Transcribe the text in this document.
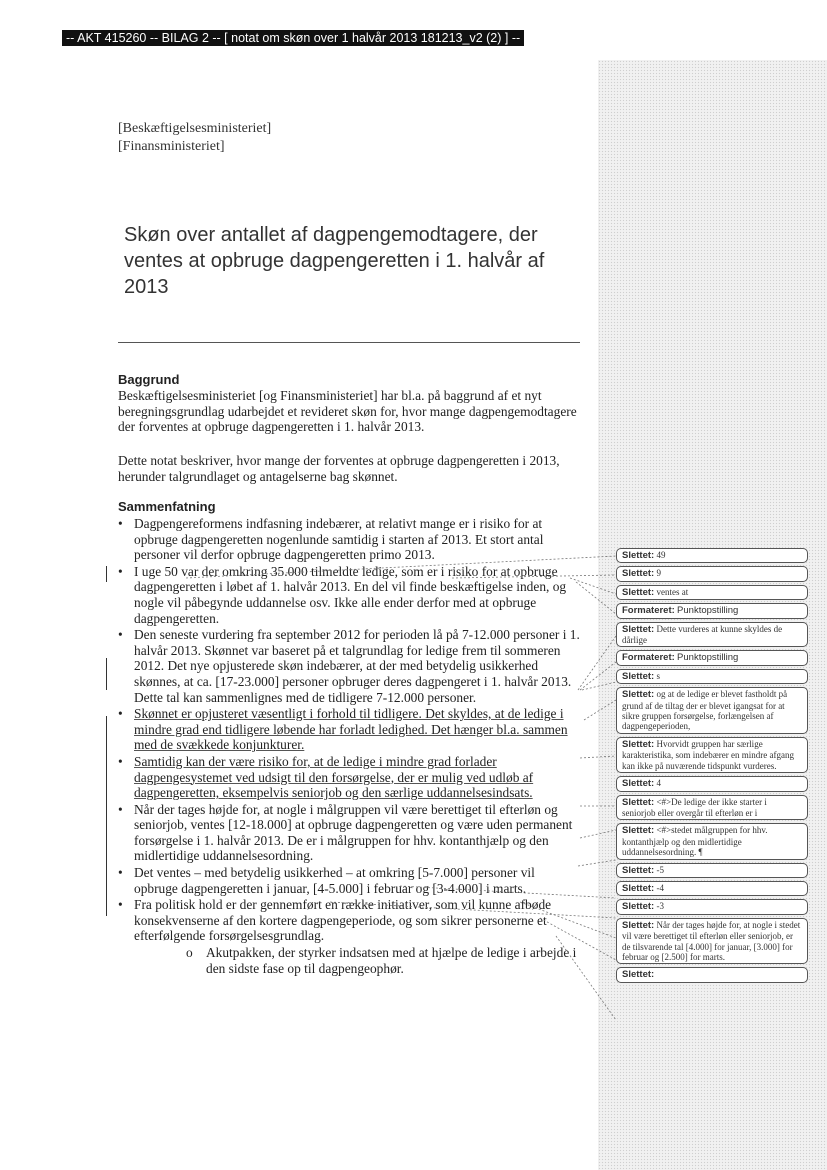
-- AKT 415260 -- BILAG 2 -- [ notat om skøn over 1 halvår 2013 181213_v2 (2) ] --
[Beskæftigelsesministeriet]
[Finansministeriet]
Skøn over antallet af dagpengemodtagere, der ventes at opbruge dagpengeretten i 1. halvår af 2013
Baggrund

Beskæftigelsesministeriet [og Finansministeriet] har bl.a. på baggrund af et nyt beregningsgrundlag udarbejdet et revideret skøn for, hvor mange dagpengemodtagere der forventes at opbruge dagpengeretten i 1. halvår 2013.

Dette notat beskriver, hvor mange der forventes at opbruge dagpengeretten i 2013, herunder talgrundlaget og antagelserne bag skønnet.

Sammenfatning
• Dagpengereformens indfasning indebærer, at relativt mange er i risiko for at opbruge dagpengeretten nogenlunde samtidig i starten af 2013. Et stort antal personer vil derfor opbruge dagpengeretten primo 2013.
• I uge 50 var der omkring 35.000 tilmeldte ledige, som er i risiko for at opbruge dagpengeretten i løbet af 1. halvår 2013. En del vil finde beskæftigelse inden, og nogle vil påbegynde uddannelse osv. Ikke alle ender derfor med at opbruge dagpengeretten.
• Den seneste vurdering fra september 2012 for perioden lå på 7-12.000 personer i 1. halvår 2013. Skønnet var baseret på et talgrundlag for ledige frem til sommeren 2012. Det nye opjusterede skøn indebærer, at der med betydelig usikkerhed skønnes, at ca. [17-23.000] personer opbruger deres dagpengeret i 1. halvår 2013. Dette tal kan sammenlignes med de tidligere 7-12.000 personer.
• Skønnet er opjusteret væsentligt i forhold til tidligere. Det skyldes, at de ledige i mindre grad end tidligere løbende har forladt ledighed. Det hænger bl.a. sammen med de svækkede konjunkturer.
• Samtidig kan der være risiko for, at de ledige i mindre grad forlader dagpengesystemet ved udsigt til den forsørgelse, der er mulig ved udløb af dagpengeretten, eksempelvis seniorjob og den særlige uddannelsesindsats.
• Når der tages højde for, at nogle i målgruppen vil være berettiget til efterløn og seniorjob, ventes [12-18.000] at opbruge dagpengeretten og være uden permanent forsørgelse i 1. halvår 2013. De er i målgruppen for hhv. kontanthjælp og den midlertidige uddannelsesordning.
• Det ventes – med betydelig usikkerhed – at omkring [5-7.000] personer vil opbruge dagpengeretten i januar, [4-5.000] i februar og [3-4.000] i marts.
• Fra politisk hold er der gennemført en række initiativer, som vil kunne afbøde konsekvenserne af den kortere dagpengeperiode, og som sikrer personerne et efterfølgende forsørgelsesgrundlag.
o Akutpakken, der styrker indsatsen med at hjælpe de ledige i arbejde i den sidste fase op til dagpengeophør.
Slettet: 49
Slettet: 9
Slettet: ventes at
Formateret: Punktopstilling
Slettet: Dette vurderes at kunne skyldes de dårlige
Formateret: Punktopstilling
Slettet: s
Slettet: og at de ledige er blevet fastholdt på grund af de tiltag der er blevet igangsat for at sikre gruppen forsørgelse, forlængelsen af dagpengeperioden,
Slettet: Hvorvidt gruppen har særlige karakteristika, som indebærer en mindre afgang kan ikke på nuværende tidspunkt vurderes.
Slettet: 4
Slettet: <#>De ledige der ikke starter i seniorjob eller overgår til efterløn er i
Slettet: <#>stedet målgruppen for hhv. kontanthjælp og den midlertidige uddannelsesordning. ¶
Slettet: -5
Slettet: -4
Slettet: -3
Slettet: Når der tages højde for, at nogle i stedet vil være berettiget til efterløn eller seniorjob, er de tilsvarende tal [4.000] for januar, [3.000] for februar og [2.500] for marts.
Slettet:
